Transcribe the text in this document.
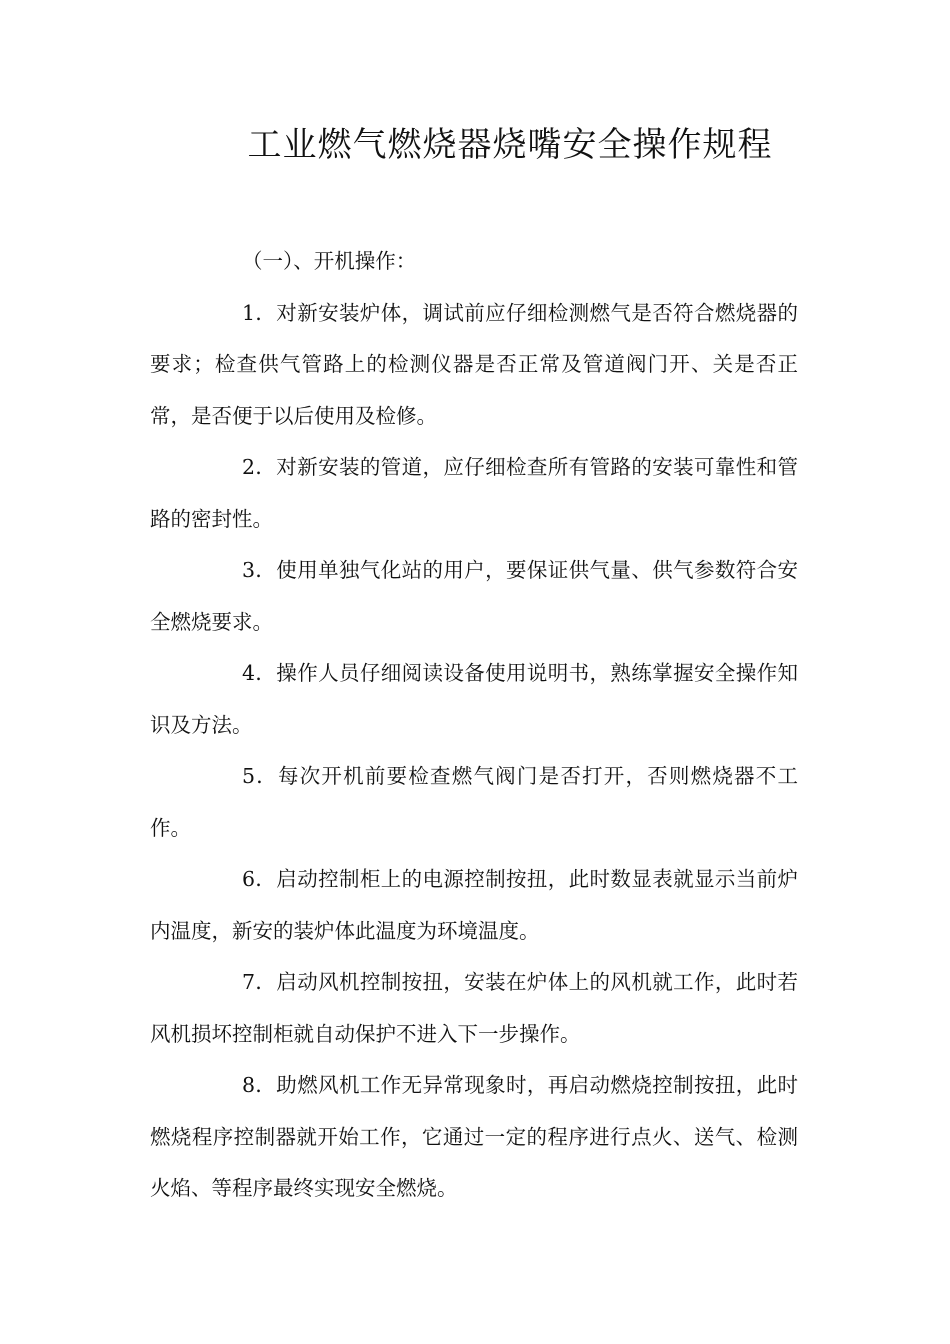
工业燃气燃烧器烧嘴安全操作规程
（一）、开机操作：

1．对新安装炉体，调试前应仔细检测燃气是否符合燃烧器的要求；检查供气管路上的检测仪器是否正常及管道阀门开、关是否正常，是否便于以后使用及检修。

2．对新安装的管道，应仔细检查所有管路的安装可靠性和管路的密封性。

3．使用单独气化站的用户，要保证供气量、供气参数符合安全燃烧要求。

4．操作人员仔细阅读设备使用说明书，熟练掌握安全操作知识及方法。

5．每次开机前要检查燃气阀门是否打开，否则燃烧器不工作。

6．启动控制柜上的电源控制按扭，此时数显表就显示当前炉内温度，新安的装炉体此温度为环境温度。

7．启动风机控制按扭，安装在炉体上的风机就工作，此时若风机损坏控制柜就自动保护不进入下一步操作。

8．助燃风机工作无异常现象时，再启动燃烧控制按扭，此时燃烧程序控制器就开始工作，它通过一定的程序进行点火、送气、检测火焰、等程序最终实现安全燃烧。
